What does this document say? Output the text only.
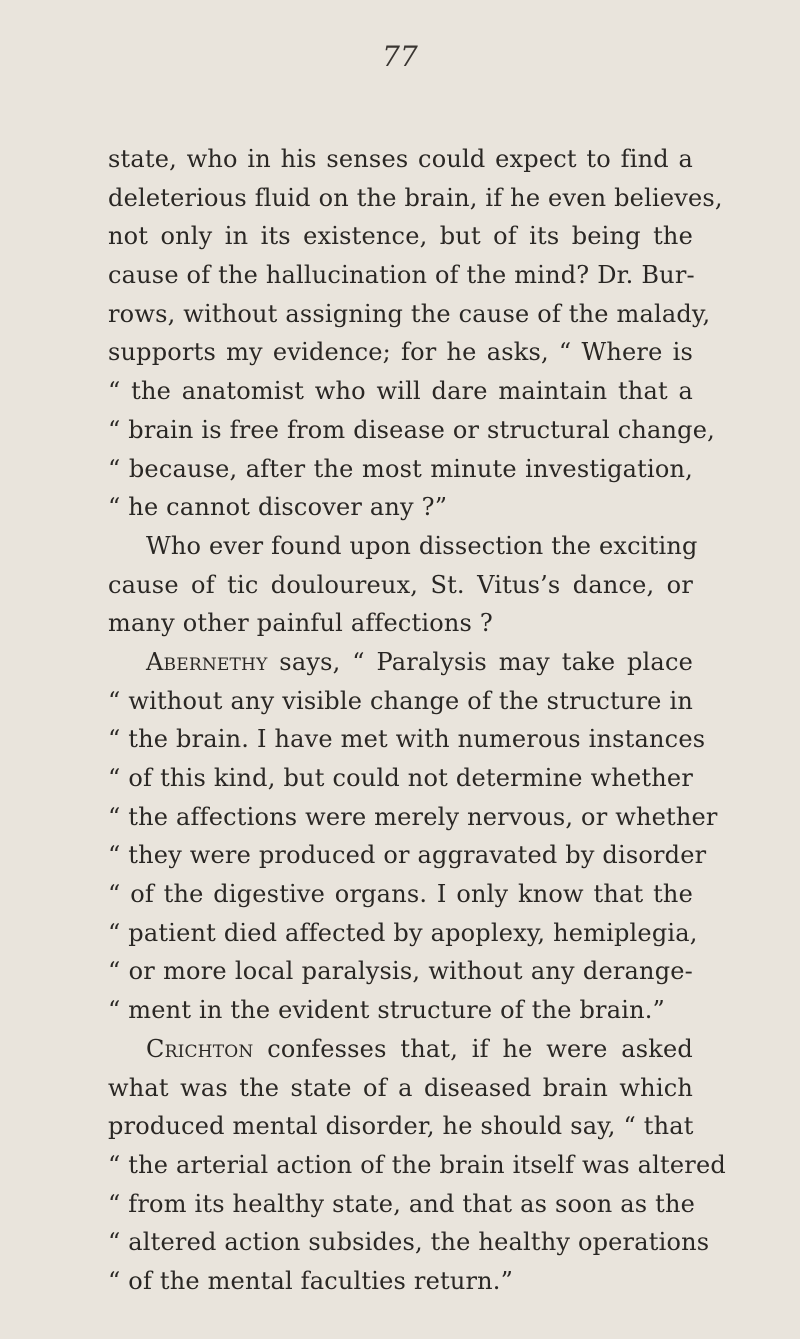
77
state, who in his senses could expect to find a
deleterious fluid on the brain, if he even believes,
not only in its existence, but of its being the
cause of the hallucination of the mind? Dr. Bur-
rows, without assigning the cause of the malady,
supports my evidence; for he asks, “ Where is
“ the anatomist who will dare maintain that a
“ brain is free from disease or structural change,
“ because, after the most minute investigation,
“ he cannot discover any ?”
Who ever found upon dissection the exciting
cause of tic douloureux, St. Vitus’s dance, or
many other painful affections ?
Abernethy says, “ Paralysis may take place
“ without any visible change of the structure in
“ the brain. I have met with numerous instances
“ of this kind, but could not determine whether
“ the affections were merely nervous, or whether
“ they were produced or aggravated by disorder
“ of the digestive organs. I only know that the
“ patient died affected by apoplexy, hemiplegia,
“ or more local paralysis, without any derange-
“ ment in the evident structure of the brain.”
Crichton confesses that, if he were asked
what was the state of a diseased brain which
produced mental disorder, he should say, “ that
“ the arterial action of the brain itself was altered
“ from its healthy state, and that as soon as the
“ altered action subsides, the healthy operations
“ of the mental faculties return.”
